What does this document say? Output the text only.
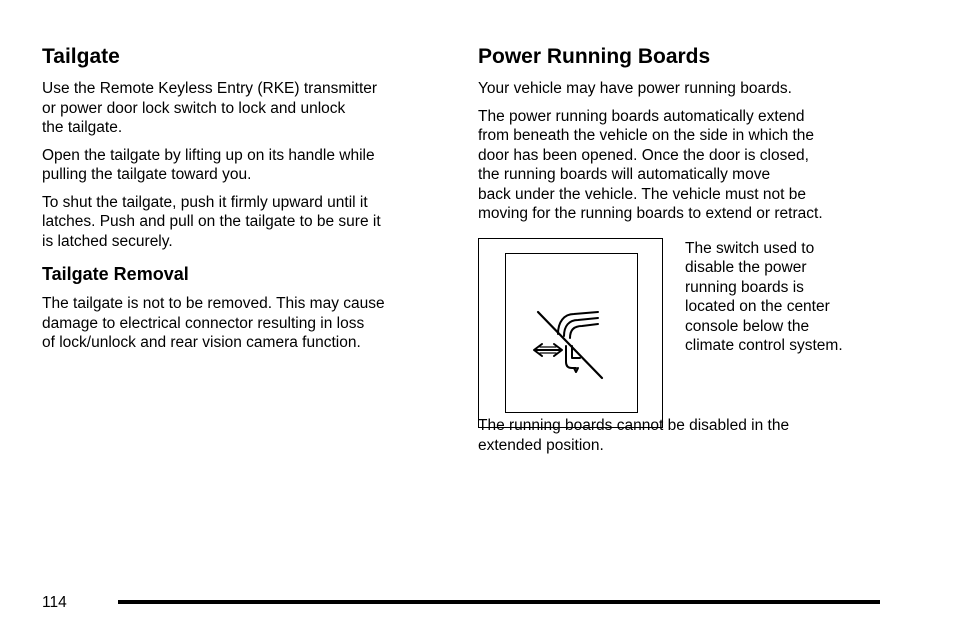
Tailgate

Use the Remote Keyless Entry (RKE) transmitter
or power door lock switch to lock and unlock
the tailgate.

Open the tailgate by lifting up on its handle while
pulling the tailgate toward you.

To shut the tailgate, push it firmly upward until it
latches. Push and pull on the tailgate to be sure it
is latched securely.

Tailgate Removal

The tailgate is not to be removed. This may cause
damage to electrical connector resulting in loss
of lock/unlock and rear vision camera function.

Power Running Boards

Your vehicle may have power running boards.

The power running boards automatically extend
from beneath the vehicle on the side in which the
door has been opened. Once the door is closed,
the running boards will automatically move
back under the vehicle. The vehicle must not be
moving for the running boards to extend or retract.

The switch used to
disable the power
running boards is
located on the center
console below the
climate control system.

The running boards cannot be disabled in the
extended position.

114
